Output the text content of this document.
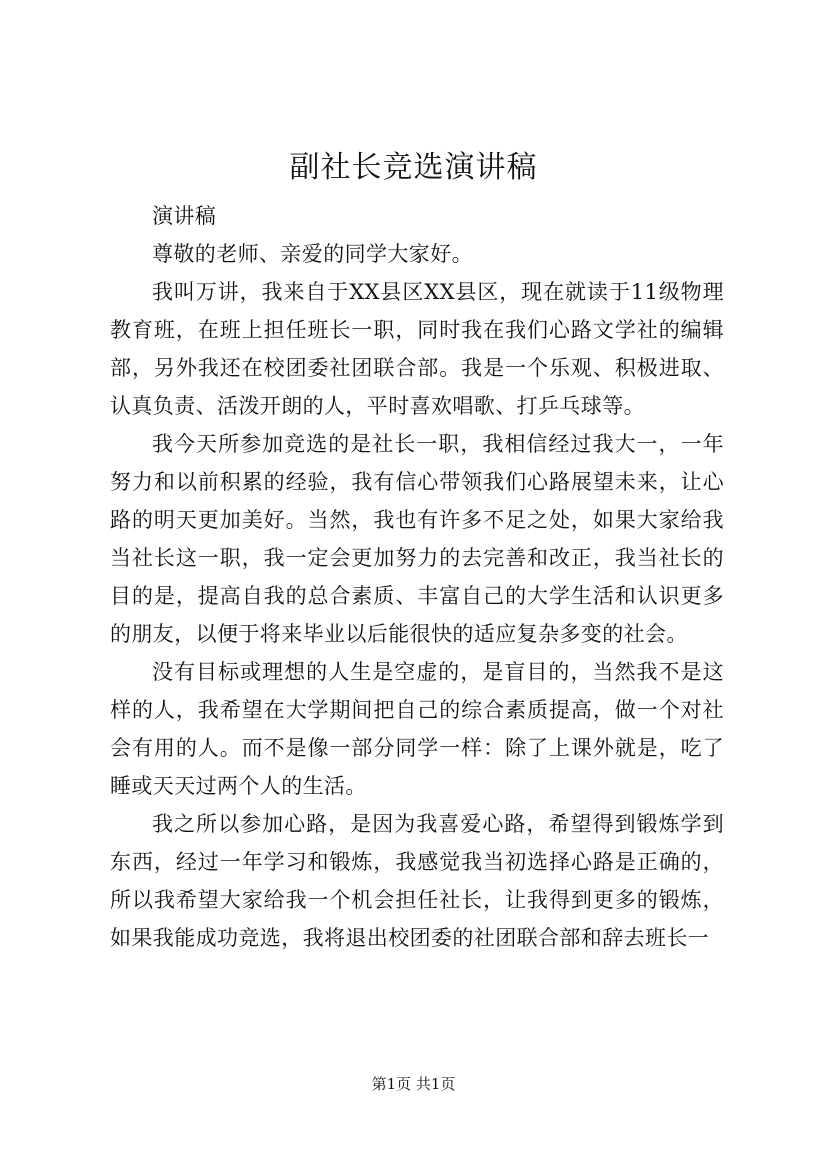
副社长竞选演讲稿

演讲稿

尊敬的老师、亲爱的同学大家好。

我叫万讲，我来自于XX县区XX县区，现在就读于11级物理教育班，在班上担任班长一职，同时我在我们心路文学社的编辑部，另外我还在校团委社团联合部。我是一个乐观、积极进取、认真负责、活泼开朗的人，平时喜欢唱歌、打乒乓球等。

我今天所参加竞选的是社长一职，我相信经过我大一，一年努力和以前积累的经验，我有信心带领我们心路展望未来，让心路的明天更加美好。当然，我也有许多不足之处，如果大家给我当社长这一职，我一定会更加努力的去完善和改正，我当社长的目的是，提高自我的总合素质、丰富自己的大学生活和认识更多的朋友，以便于将来毕业以后能很快的适应复杂多变的社会。

没有目标或理想的人生是空虚的，是盲目的，当然我不是这样的人，我希望在大学期间把自己的综合素质提高，做一个对社会有用的人。而不是像一部分同学一样：除了上课外就是，吃了睡或天天过两个人的生活。

我之所以参加心路，是因为我喜爱心路，希望得到锻炼学到东西，经过一年学习和锻炼，我感觉我当初选择心路是正确的，所以我希望大家给我一个机会担任社长，让我得到更多的锻炼，如果我能成功竞选，我将退出校团委的社团联合部和辞去班长一

第1页 共1页
